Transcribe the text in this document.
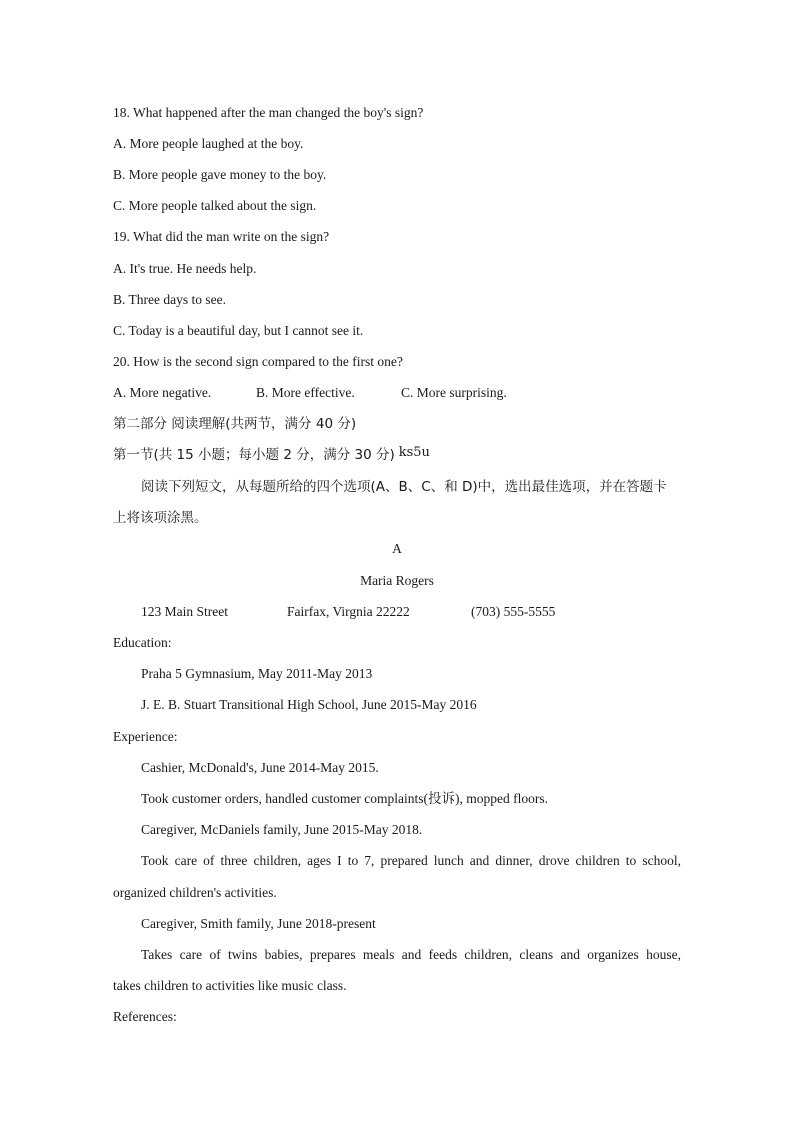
18. What happened after the man changed the boy's sign?
A. More people laughed at the boy.
B. More people gave money to the boy.
C. More people talked about the sign.
19. What did the man write on the sign?
A. It's true. He needs help.
B. Three days to see.
C. Today is a beautiful day, but I cannot see it.
20. How is the second sign compared to the first one?
A. More negative.	B. More effective.	C. More surprising.
第二部分 阅读理解(共两节，满分 40 分)
第一节(共 15 小题；每小题 2 分，满分 30 分) ks5u
阅读下列短文，从每题所给的四个选项(A、B、C、和 D)中，选出最佳选项，并在答题卡
上将该项涂黑。
A
Maria Rogers
123 Main Street	Fairfax, Virgnia 22222	(703) 555-5555
Education:
Praha 5 Gymnasium, May 2011-May 2013
J. E. B. Stuart Transitional High School, June 2015-May 2016
Experience:
Cashier, McDonald's, June 2014-May 2015.
Took customer orders, handled customer complaints(投诉), mopped floors.
Caregiver, McDaniels family, June 2015-May 2018.
Took care of three children, ages I to 7, prepared lunch and dinner, drove children to school,
organized children's activities.
Caregiver, Smith family, June 2018-present
Takes care of twins babies, prepares meals and feeds children, cleans and organizes house,
takes children to activities like music class.
References:
